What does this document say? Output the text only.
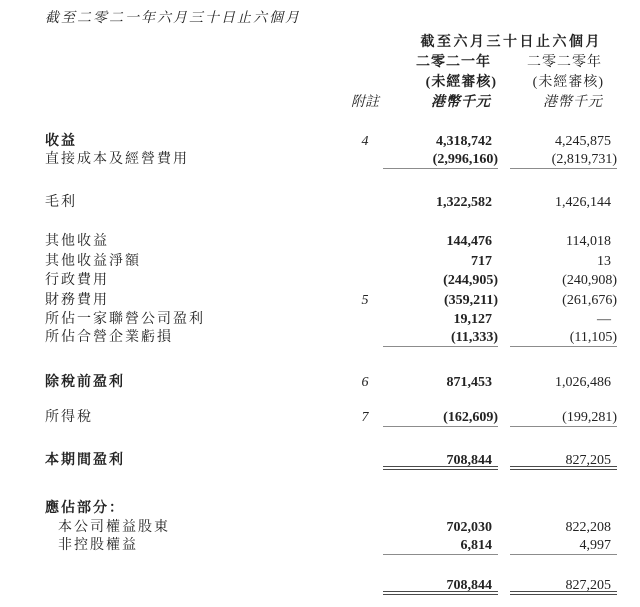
截至二零二一年六月三十日止六個月
截至六月三十日止六個月
二零二一年	二零二零年
(未經審核)	(未經審核)
附註	港幣千元	港幣千元
收益	4	4,318,742	4,245,875
直接成本及經營費用	(2,996,160)	(2,819,731)
毛利	1,322,582	1,426,144
其他收益	144,476	114,018
其他收益淨額	717	13
行政費用	(244,905)	(240,908)
財務費用	5	(359,211)	(261,676)
所佔一家聯營公司盈利	19,127	—
所佔合營企業虧損	(11,333)	(11,105)
除稅前盈利	6	871,453	1,026,486
所得稅	7	(162,609)	(199,281)
本期間盈利	708,844	827,205
應佔部分：
本公司權益股東	702,030	822,208
非控股權益	6,814	4,997
708,844	827,205
